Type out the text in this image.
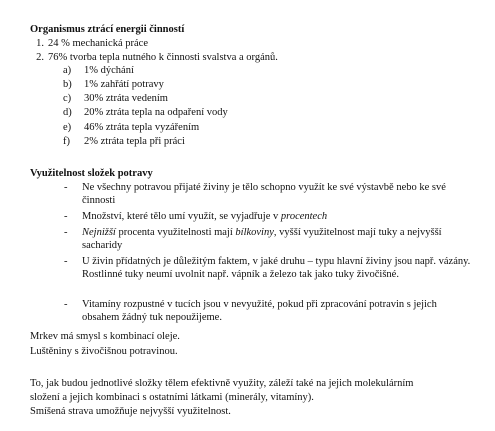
Organismus ztrácí energii činností
1. 24 % mechanická práce
2. 76% tvorba tepla nutného k činnosti svalstva a orgánů.
a) 1% dýchání
b) 1% zahřátí potravy
c) 30% ztráta vedením
d) 20% ztráta tepla na odpaření vody
e) 46% ztráta tepla vyzářením
f) 2% ztráta tepla při práci
Využitelnost složek potravy
-	Ne všechny potravou přijaté živiny je tělo schopno využít ke své výstavbě nebo ke své činnosti
-	Množství, které tělo umí využít, se vyjadřuje v procentech
-	Nejnižší procenta využitelnosti mají bílkoviny, vyšší využitelnost mají tuky a nejvyšší sacharidy
-	U živin přídatných je důležitým faktem, v jaké druhu – typu hlavní živiny jsou např. vázány. Rostlinné tuky neumí uvolnit např. vápník a železo tak jako tuky živočišné.
-	Vitamíny rozpustné v tucích jsou v nevyužité, pokud při zpracování potravin s jejich obsahem žádný tuk nepoužijeme.
Mrkev má smysl s kombinací oleje.
Luštěniny s živočišnou potravinou.
To, jak budou jednotlivé složky tělem efektivně využity, záleží také na jejich molekulárním
složení a jejich kombinaci s ostatními látkami (minerály, vitamíny).
Smíšená strava umožňuje nejvyšší využitelnost.
